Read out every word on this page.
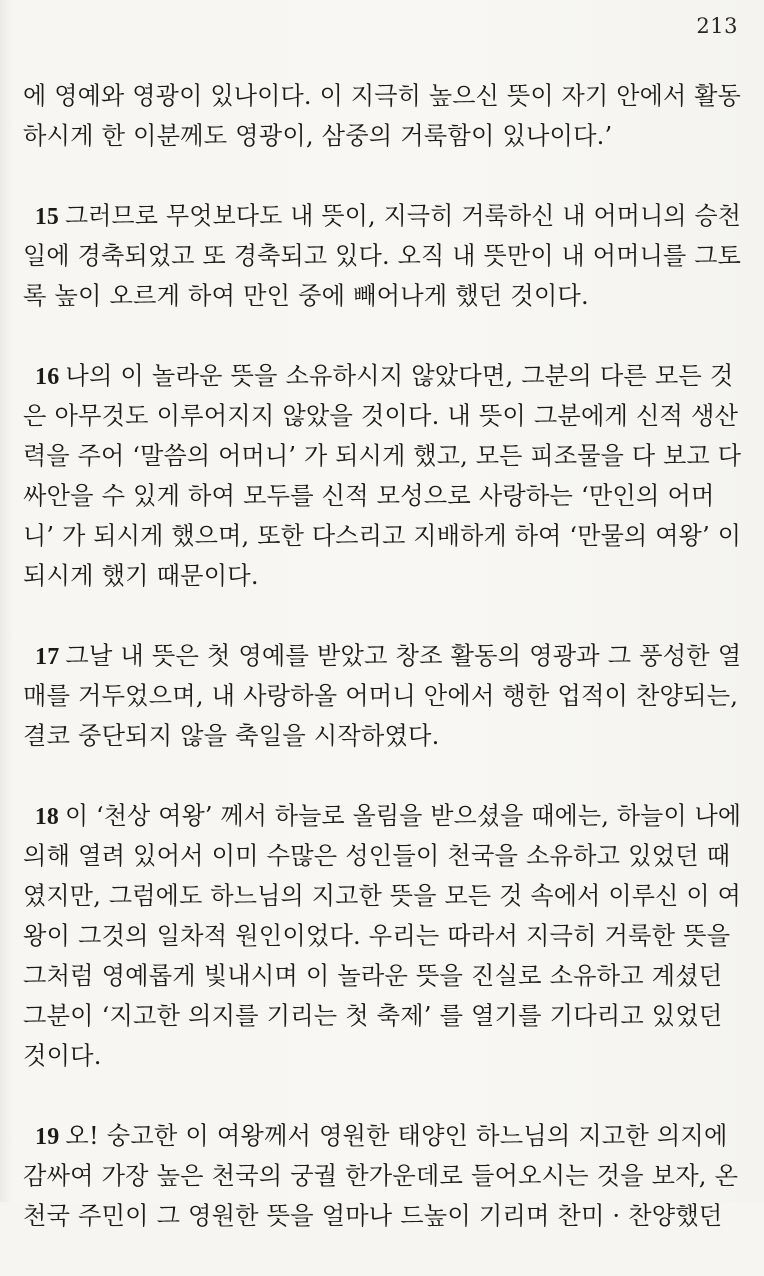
213
에 영예와 영광이 있나이다. 이 지극히 높으신 뜻이 자기 안에서 활동
하시게 한 이분께도 영광이, 삼중의 거룩함이 있나이다.’
15 그러므로 무엇보다도 내 뜻이, 지극히 거룩하신 내 어머니의 승천
일에 경축되었고 또 경축되고 있다. 오직 내 뜻만이 내 어머니를 그토
록 높이 오르게 하여 만인 중에 빼어나게 했던 것이다.
16 나의 이 놀라운 뜻을 소유하시지 않았다면, 그분의 다른 모든 것
은 아무것도 이루어지지 않았을 것이다. 내 뜻이 그분에게 신적 생산
력을 주어 ‘말씀의 어머니’ 가 되시게 했고, 모든 피조물을 다 보고 다
싸안을 수 있게 하여 모두를 신적 모성으로 사랑하는 ‘만인의 어머
니’ 가 되시게 했으며, 또한 다스리고 지배하게 하여 ‘만물의 여왕’ 이
되시게 했기 때문이다.
17 그날 내 뜻은 첫 영예를 받았고 창조 활동의 영광과 그 풍성한 열
매를 거두었으며, 내 사랑하올 어머니 안에서 행한 업적이 찬양되는,
결코 중단되지 않을 축일을 시작하였다.
18 이 ‘천상 여왕’ 께서 하늘로 올림을 받으셨을 때에는, 하늘이 나에
의해 열려 있어서 이미 수많은 성인들이 천국을 소유하고 있었던 때
였지만, 그럼에도 하느님의 지고한 뜻을 모든 것 속에서 이루신 이 여
왕이 그것의 일차적 원인이었다. 우리는 따라서 지극히 거룩한 뜻을
그처럼 영예롭게 빛내시며 이 놀라운 뜻을 진실로 소유하고 계셨던
그분이 ‘지고한 의지를 기리는 첫 축제’ 를 열기를 기다리고 있었던
것이다.
19 오! 숭고한 이 여왕께서 영원한 태양인 하느님의 지고한 의지에
감싸여 가장 높은 천국의 궁궐 한가운데로 들어오시는 것을 보자, 온
천국 주민이 그 영원한 뜻을 얼마나 드높이 기리며 찬미 · 찬양했던
